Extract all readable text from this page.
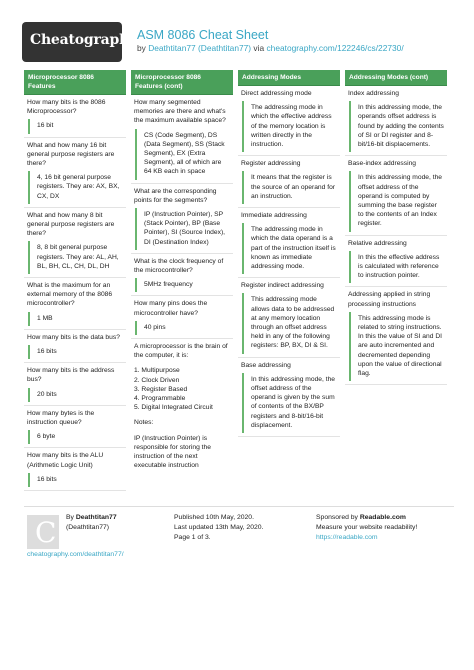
Cheatography ASM 8086 Cheat Sheet
by Deathtitan77 (Deathtitan77) via cheatography.com/122246/cs/22730/
Microprocessor 8086 Features
How many bits is the 8086 Microprocessor?
16 bit
What and how many 16 bit general purpose registers are there?
4, 16 bit general purpose registers. They are: AX, BX, CX, DX
What and how many 8 bit general purpose registers are there?
8, 8 bit general purpose registers. They are: AL, AH, BL, BH, CL, CH, DL, DH
What is the maximum for an external memory of the 8086 microcontroller?
1 MB
How many bits is the data bus?
16 bits
How many bits is the address bus?
20 bits
How many bytes is the instruction queue?
6 byte
How many bits is the ALU (Arithmetic Logic Unit)
16 bits
Microprocessor 8086 Features (cont)
How many segmented memories are there and what's the maximum available space?
CS (Code Segment), DS (Data Segment), SS (Stack Segment), EX (Extra Segment), all of which are 64 KB each in space
What are the corresponding points for the segments?
IP (Instruction Pointer), SP (Stack Pointer), BP (Base Pointer), SI (Source Index), DI (Destination Index)
What is the clock frequency of the microcontroller?
5MHz frequency
How many pins does the microcontroller have?
40 pins

A microprocessor is the brain of the computer, it is:

1. Multipurpose
2. Clock Driven
3. Register Based
4. Programmable
5. Digital Integrated Circuit

Notes:

IP (Instruction Pointer) is responsible for storing the instruction of the next executable instruction

Addressing Modes
Direct addressing mode
The addressing mode in which the effective address of the memory location is written directly in the instruction.
Register addressing
It means that the register is the source of an operand for an instruction.
Immediate addressing
The addressing mode in which the data operand is a part of the instruction itself is known as immediate addressing mode.
Register indirect addressing
This addressing mode allows data to be addressed at any memory location through an offset address held in any of the following registers: BP, BX, DI & SI.
Base addressing
In this addressing mode, the offset address of the operand is given by the sum of contents of the BX/BP registers and 8-bit/16-bit displacement.
Addressing Modes (cont)
Index addressing
In this addressing mode, the operands offset address is found by adding the contents of SI or DI register and 8-bit/16-bit displacements.
Base-index addressing
In this addressing mode, the offset address of the operand is computed by summing the base register to the contents of an Index register.
Relative addressing
In this the effective address is calculated with reference to instruction pointer.
Addressing applied in string processing instructions
This addressing mode is related to string instructions. In this the value of SI and DI are auto incremented and decremented depending upon the value of directional flag.
C By Deathtitan77
(Deathtitan77)
cheatography.com/deathtitan77/
Published 10th May, 2020.
Last updated 13th May, 2020.
Page 1 of 3.
Sponsored by Readable.com
Measure your website readability!
https://readable.com
